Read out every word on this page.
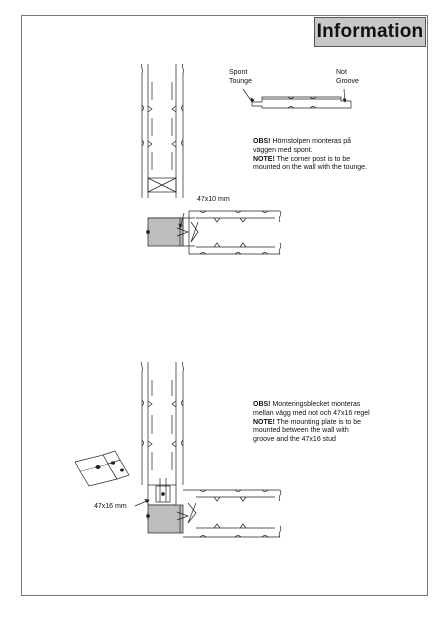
Information
Spont
Tounge
Not
Groove
47x10 mm
OBS! Hörnstolpen monteras på
väggen med spont.
NOTE! The corner post is to be
mounted on the wall with the tounge.
OBS! Monteringsblecket monteras
mellan vägg med not och 47x16 regel
NOTE! The mounting plate is to be
mounted between the wall with
groove and the 47x16 stud
47x16 mm
